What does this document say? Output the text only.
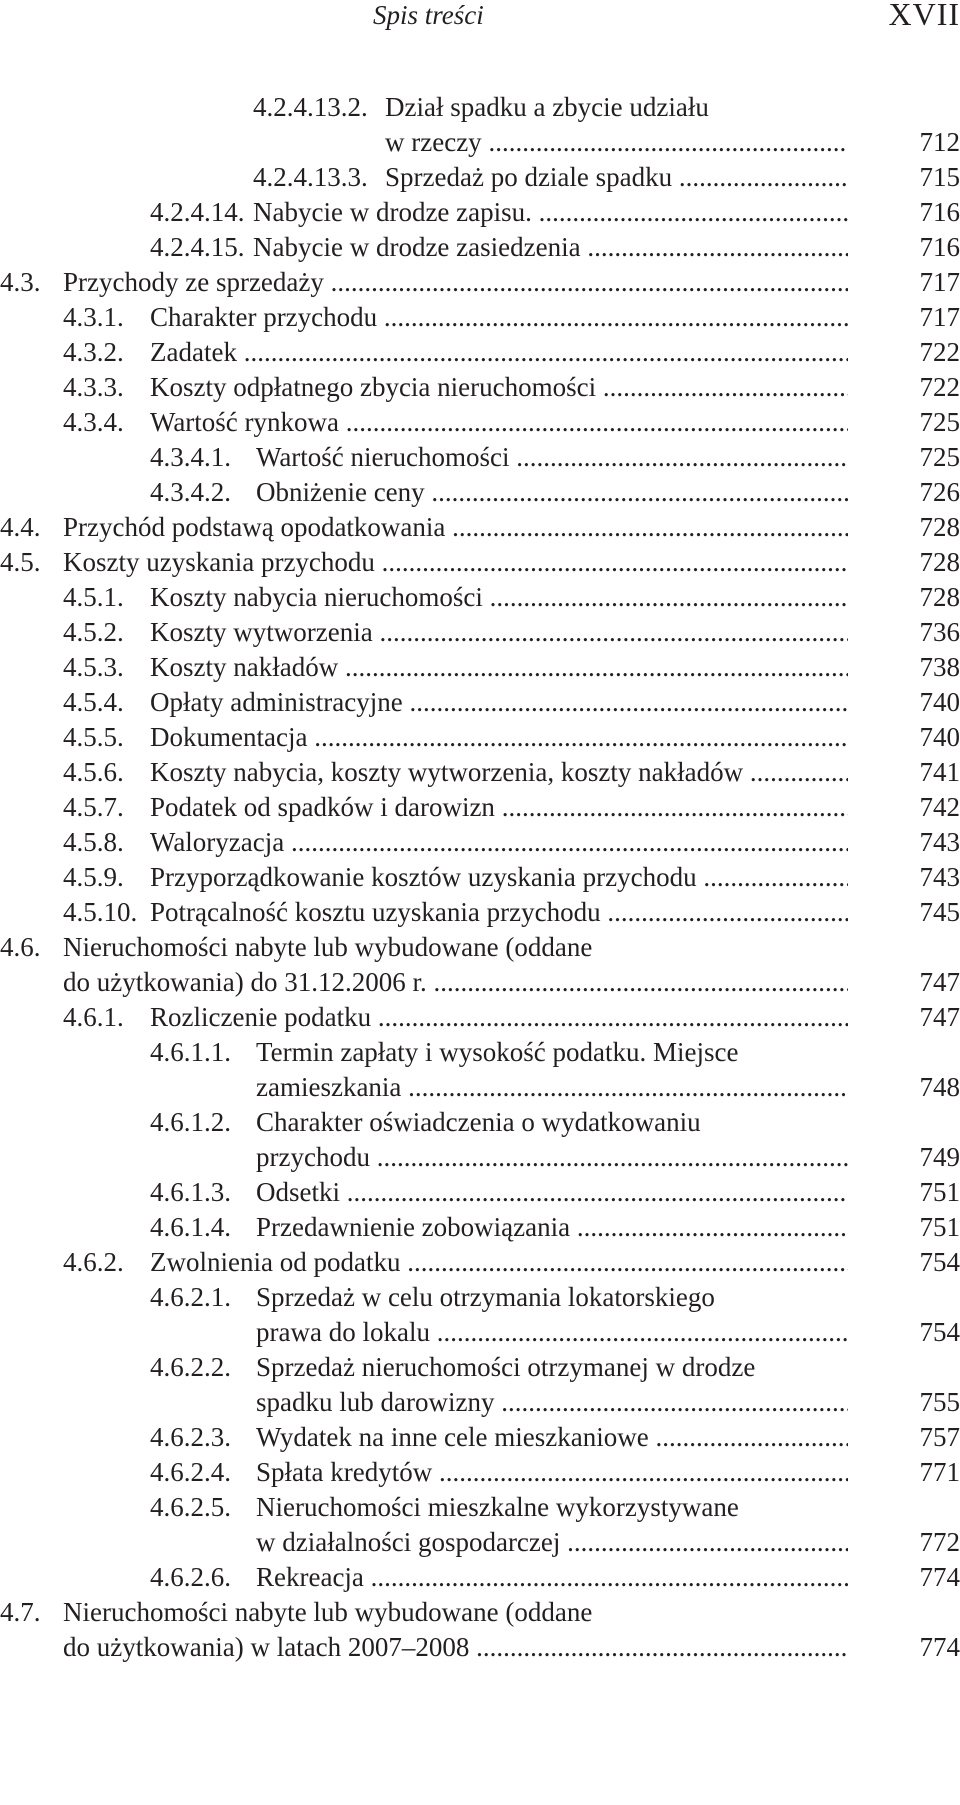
Spis treści	XVII
4.2.4.13.2. Dział spadku a zbycie udziału
w rzeczy .....	712
4.2.4.13.3. Sprzedaż po dziale spadku .....	715
4.2.4.14. Nabycie w drodze zapisu. .....	716
4.2.4.15. Nabycie w drodze zasiedzenia .....	716
4.3. Przychody ze sprzedaży .....	717
4.3.1. Charakter przychodu .....	717
4.3.2. Zadatek .....	722
4.3.3. Koszty odpłatnego zbycia nieruchomości .....	722
4.3.4. Wartość rynkowa .....	725
4.3.4.1. Wartość nieruchomości .....	725
4.3.4.2. Obniżenie ceny .....	726
4.4. Przychód podstawą opodatkowania .....	728
4.5. Koszty uzyskania przychodu .....	728
4.5.1. Koszty nabycia nieruchomości .....	728
4.5.2. Koszty wytworzenia .....	736
4.5.3. Koszty nakładów .....	738
4.5.4. Opłaty administracyjne .....	740
4.5.5. Dokumentacja .....	740
4.5.6. Koszty nabycia, koszty wytworzenia, koszty nakładów .....	741
4.5.7. Podatek od spadków i darowizn .....	742
4.5.8. Waloryzacja .....	743
4.5.9. Przyporządkowanie kosztów uzyskania przychodu .....	743
4.5.10. Potrącalność kosztu uzyskania przychodu .....	745
4.6. Nieruchomości nabyte lub wybudowane (oddane
do użytkowania) do 31.12.2006 r. .....	747
4.6.1. Rozliczenie podatku .....	747
4.6.1.1. Termin zapłaty i wysokość podatku. Miejsce
zamieszkania .....	748
4.6.1.2. Charakter oświadczenia o wydatkowaniu
przychodu .....	749
4.6.1.3. Odsetki .....	751
4.6.1.4. Przedawnienie zobowiązania .....	751
4.6.2. Zwolnienia od podatku .....	754
4.6.2.1. Sprzedaż w celu otrzymania lokatorskiego
prawa do lokalu .....	754
4.6.2.2. Sprzedaż nieruchomości otrzymanej w drodze
spadku lub darowizny .....	755
4.6.2.3. Wydatek na inne cele mieszkaniowe .....	757
4.6.2.4. Spłata kredytów .....	771
4.6.2.5. Nieruchomości mieszkalne wykorzystywane
w działalności gospodarczej .....	772
4.6.2.6. Rekreacja .....	774
4.7. Nieruchomości nabyte lub wybudowane (oddane
do użytkowania) w latach 2007–2008 .....	774
